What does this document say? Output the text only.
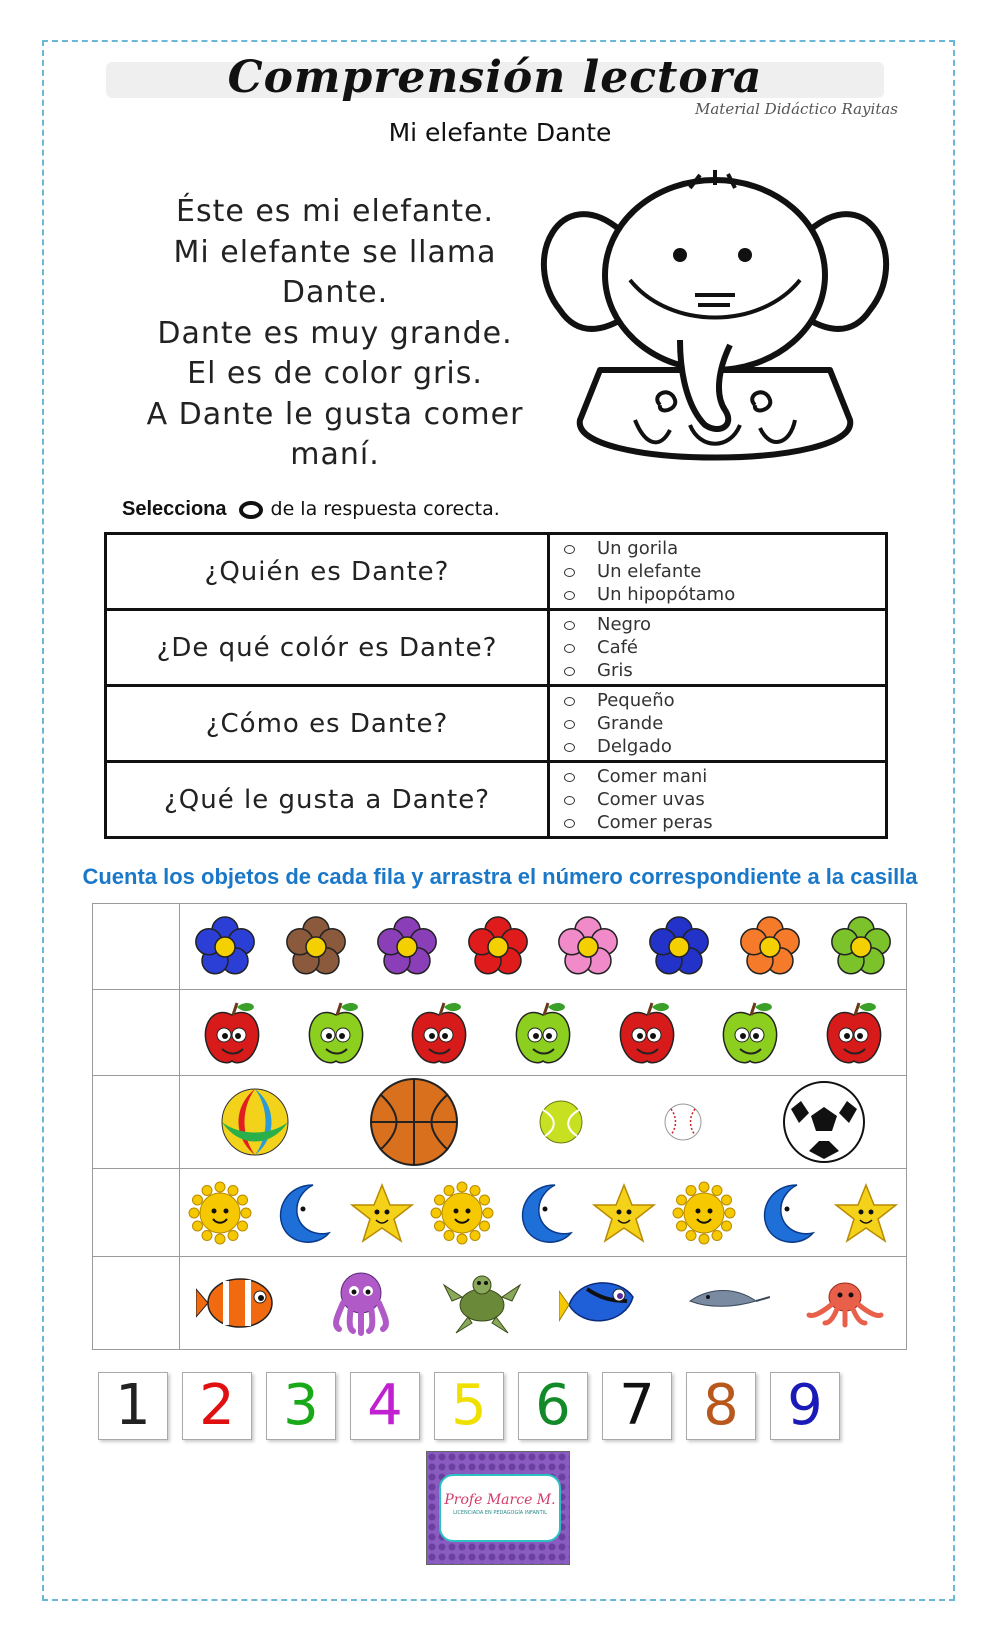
Comprensión lectora
Material Didáctico Rayitas
Mi elefante Dante
Éste es mi elefante.
Mi elefante se llama
Dante.
Dante es muy grande.
El es de color gris.
A Dante le gusta comer
maní.
Selecciona de la respuesta corecta.
¿Quién es Dante?	Un gorila
Un elefante
Un hipopótamo

¿De qué colór es Dante?	Negro
Café
Gris

¿Cómo es Dante?	Pequeño
Grande
Delgado

¿Qué le gusta a Dante?	Comer mani
Comer uvas
Comer peras
Cuenta los objetos de cada fila y arrastra el número correspondiente a la casilla

1 2 3 4 5 6 7 8 9
Profe Marce M.
LICENCIADA EN PEDAGOGÍA INFANTIL
